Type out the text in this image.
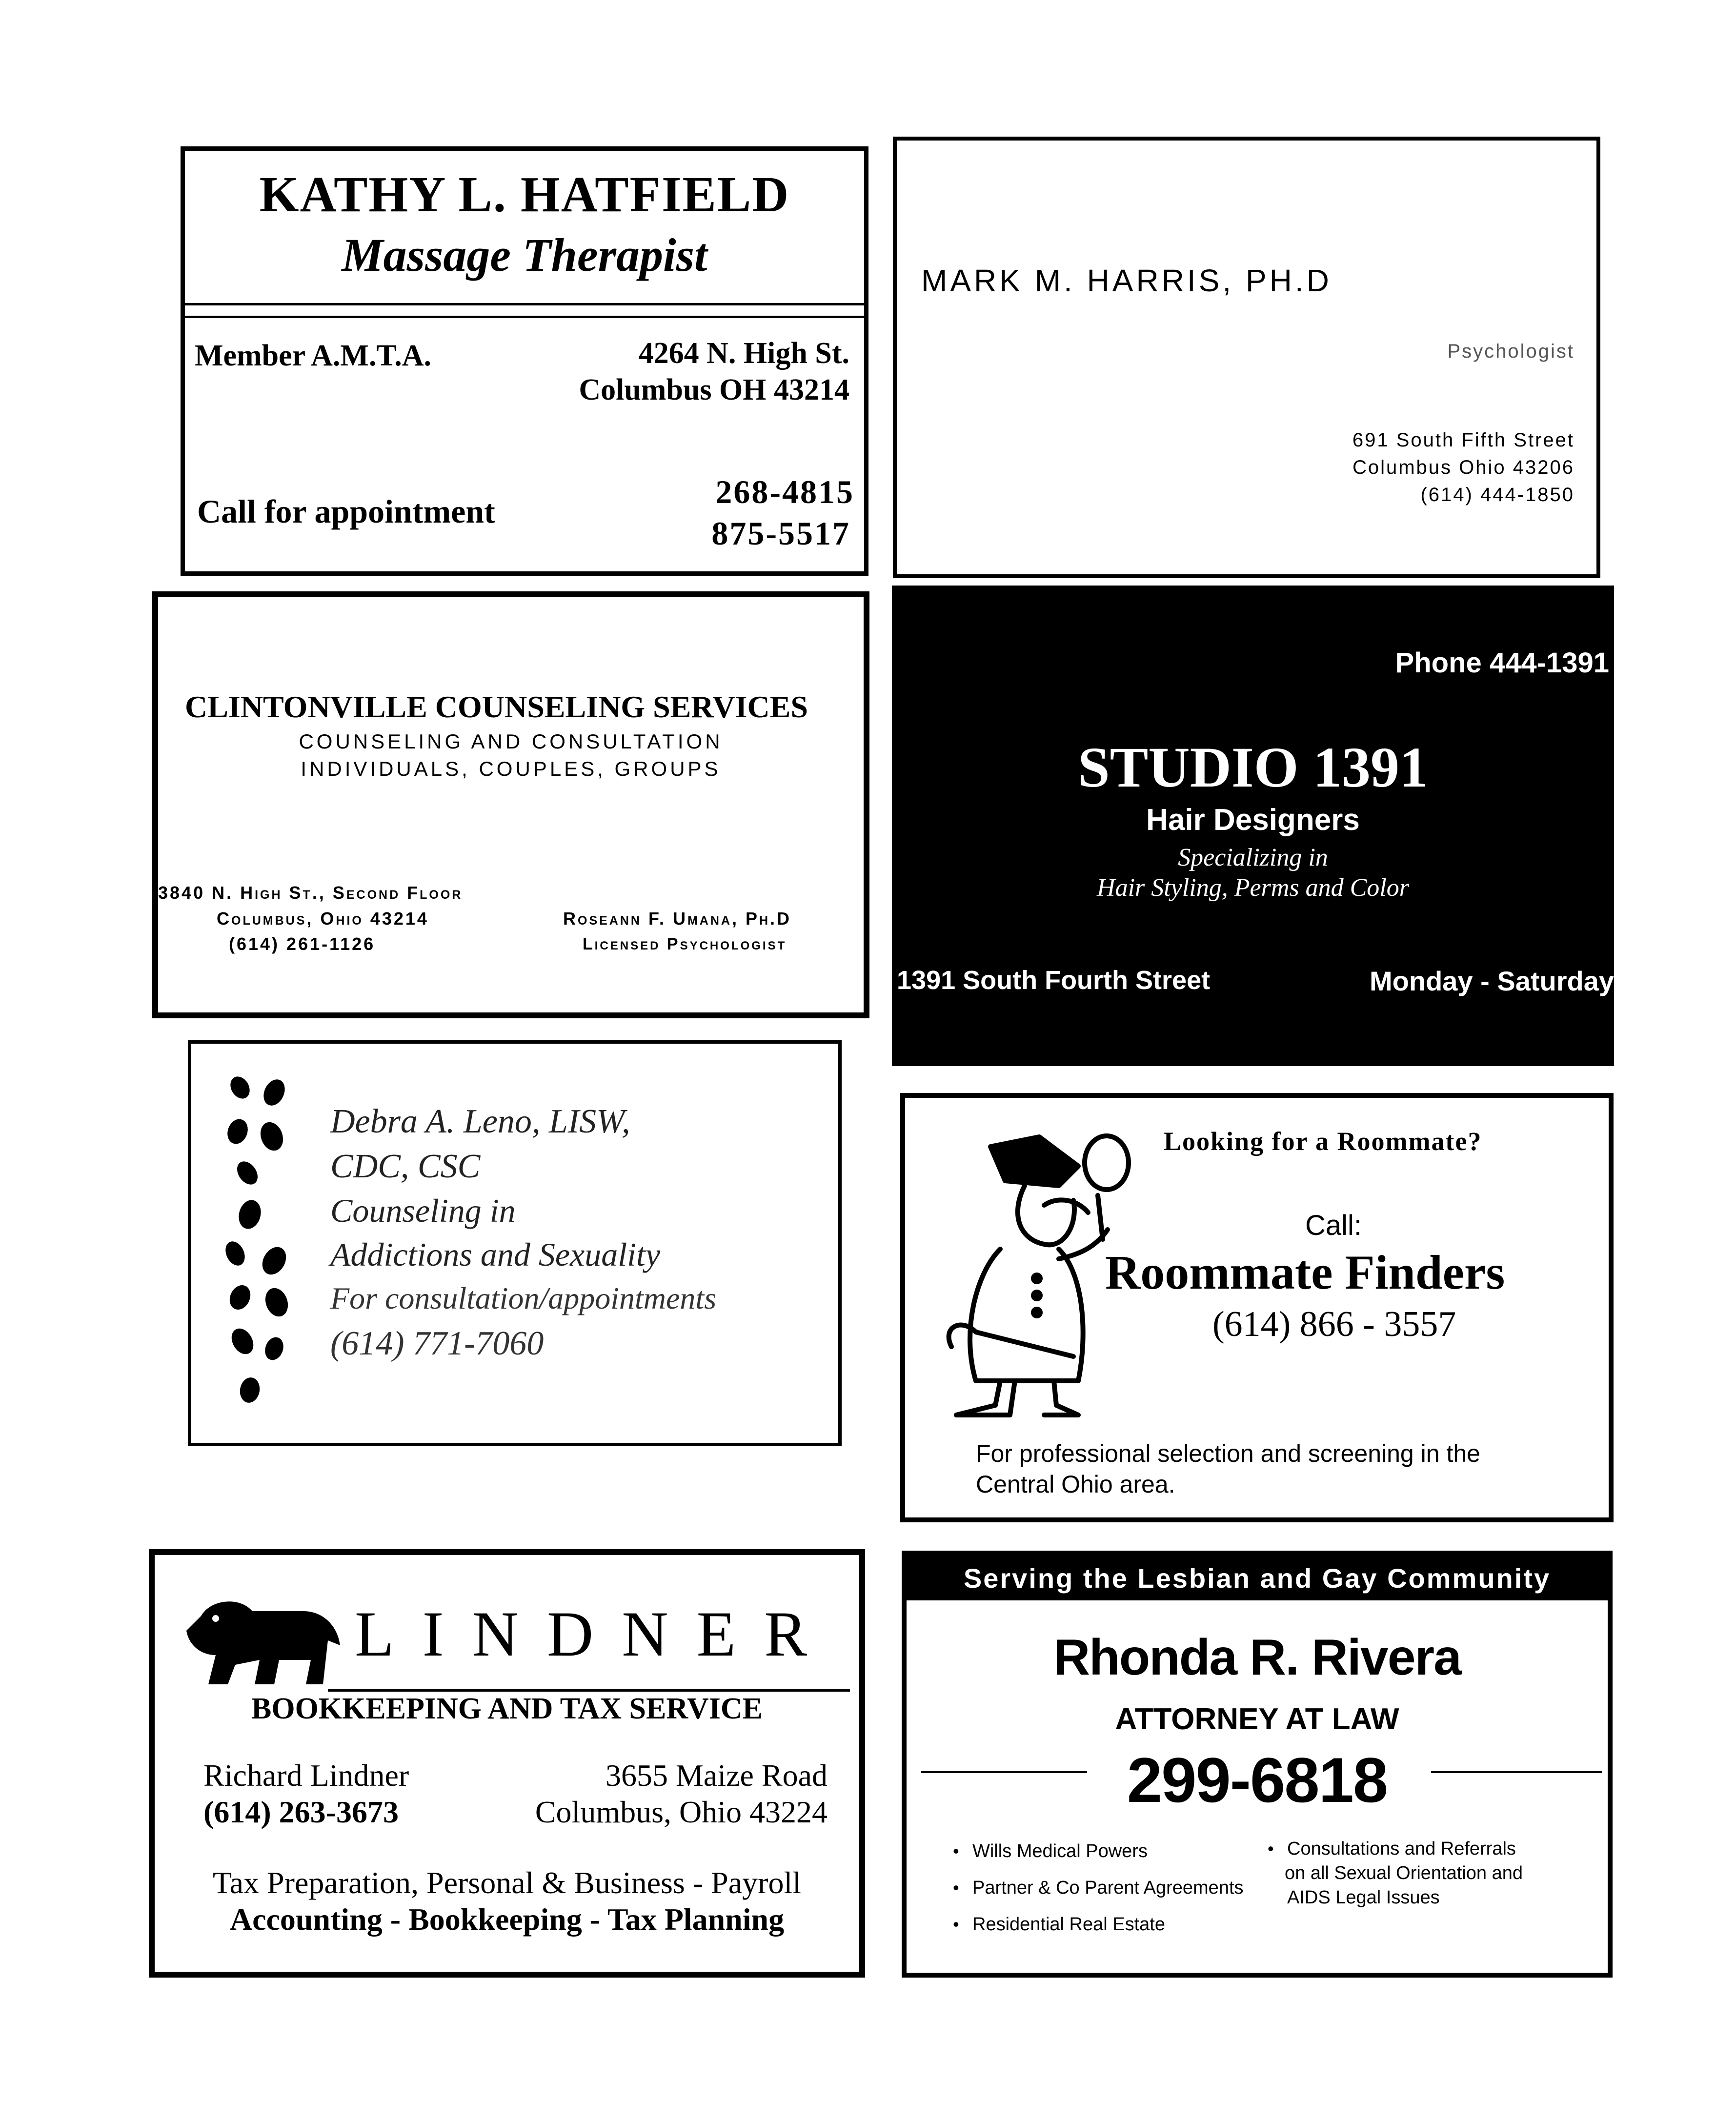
KATHY L. HATFIELD
Massage Therapist
Member A.M.T.A.	4264 N. High St.
Columbus OH 43214
Call for appointment
268-4815
875-5517
MARK M. HARRIS, PH.D
Psychologist
691 South Fifth Street
Columbus Ohio 43206
(614) 444-1850
CLINTONVILLE COUNSELING SERVICES
COUNSELING AND CONSULTATION
INDIVIDUALS, COUPLES, GROUPS
3840 N. High St., Second Floor
Columbus, Ohio 43214
(614) 261-1126
Roseann F. Umana, Ph.D
Licensed Psychologist
Phone 444-1391
STUDIO 1391
Hair Designers
Specializing in
Hair Styling, Perms and Color
1391 South Fourth Street	Monday - Saturday
Debra A. Leno, LISW,
CDC, CSC
Counseling in
Addictions and Sexuality
For consultation/appointments
(614) 771-7060
Looking for a Roommate?
Call:
Roommate Finders
(614) 866 - 3557
For professional selection and screening in the
Central Ohio area.
LINDNER
BOOKKEEPING AND TAX SERVICE
Richard Lindner
(614) 263-3673
3655 Maize Road
Columbus, Ohio 43224
Tax Preparation, Personal & Business - Payroll
Accounting - Bookkeeping - Tax Planning
Serving the Lesbian and Gay Community
Rhonda R. Rivera
ATTORNEY AT LAW
299-6818
• Wills Medical Powers
• Partner & Co Parent Agreements
• Residential Real Estate
• Consultations and Referrals
on all Sexual Orientation and
AIDS Legal Issues
